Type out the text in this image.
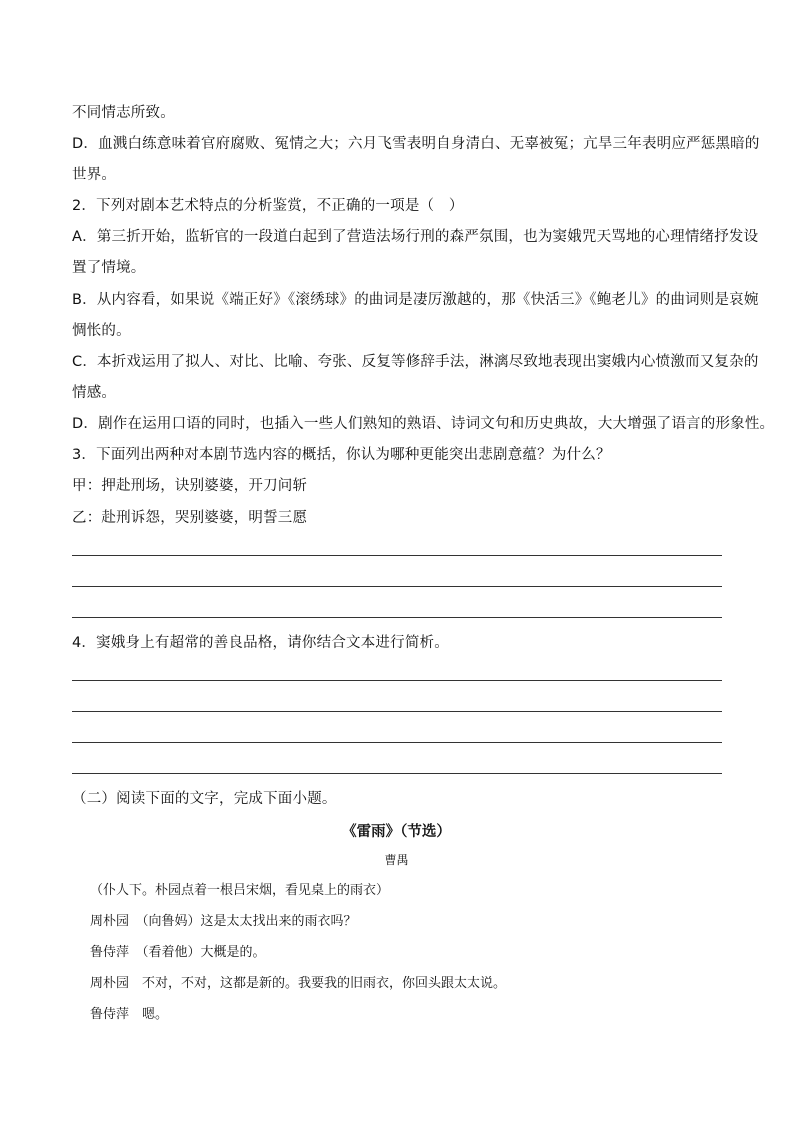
不同情志所致。
D．血溅白练意味着官府腐败、冤情之大；六月飞雪表明自身清白、无辜被冤；亢旱三年表明应严惩黑暗的
世界。
2．下列对剧本艺术特点的分析鉴赏，不正确的一项是（　）
A．第三折开始，监斩官的一段道白起到了营造法场行刑的森严氛围，也为窦娥咒天骂地的心理情绪抒发设
置了情境。
B．从内容看，如果说《端正好》《滚绣球》的曲词是凄厉激越的，那《快活三》《鲍老儿》的曲词则是哀婉
惆怅的。
C．本折戏运用了拟人、对比、比喻、夸张、反复等修辞手法，淋漓尽致地表现出窦娥内心愤激而又复杂的
情感。
D．剧作在运用口语的同时，也插入一些人们熟知的熟语、诗词文句和历史典故，大大增强了语言的形象性。
3．下面列出两种对本剧节选内容的概括，你认为哪种更能突出悲剧意蕴？为什么？
甲：押赴刑场，诀别婆婆，开刀问斩
乙：赴刑诉怨，哭别婆婆，明誓三愿
4．窦娥身上有超常的善良品格，请你结合文本进行简析。
（二）阅读下面的文字，完成下面小题。
《雷雨》（节选）
曹禺
（仆人下。朴园点着一根吕宋烟，看见桌上的雨衣）
周朴园　（向鲁妈）这是太太找出来的雨衣吗？
鲁侍萍　（看着他）大概是的。
周朴园　不对，不对，这都是新的。我要我的旧雨衣，你回头跟太太说。
鲁侍萍　嗯。
